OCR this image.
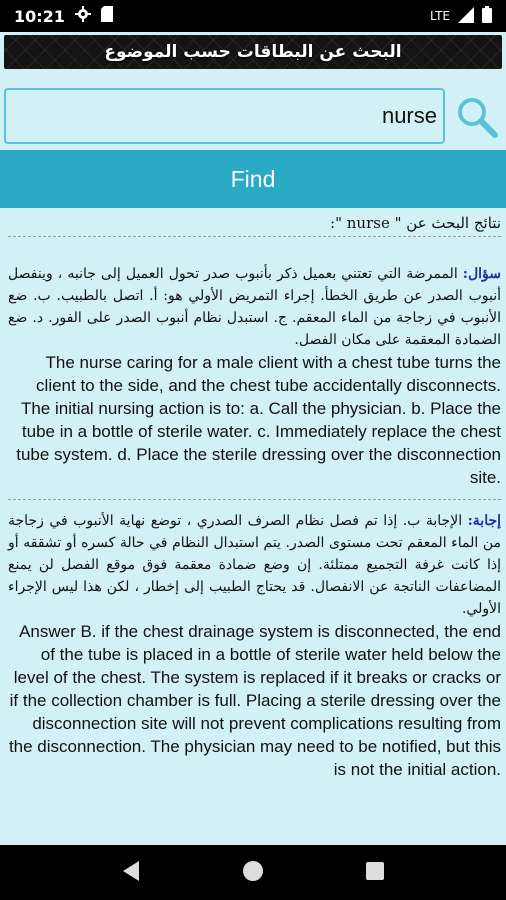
10:21	LTE
البحث عن البطاقات حسب الموضوع
nurse
Find
نتائج البحث عن " nurse ":
سؤال: الممرضة التي تعتني بعميل ذكر بأنبوب صدر تحول العميل إلى جانبه ، وينفصل أنبوب الصدر عن طريق الخطأ. إجراء التمريض الأولي هو: أ. اتصل بالطبيب. ب. ضع الأنبوب في زجاجة من الماء المعقم. ج. استبدل نظام أنبوب الصدر على الفور. د. ضع الضمادة المعقمة على مكان الفصل.
The nurse caring for a male client with a chest tube turns the client to the side, and the chest tube accidentally disconnects. The initial nursing action is to: a. Call the physician. b. Place the tube in a bottle of sterile water. c. Immediately replace the chest tube system. d. Place the sterile dressing over the disconnection site.
إجابة: الإجابة ب. إذا تم فصل نظام الصرف الصدري ، توضع نهاية الأنبوب في زجاجة من الماء المعقم تحت مستوى الصدر. يتم استبدال النظام في حالة كسره أو تشققه أو إذا كانت غرفة التجميع ممتلئة. إن وضع ضمادة معقمة فوق موقع الفصل لن يمنع المضاعفات الناتجة عن الانفصال. قد يحتاج الطبيب إلى إخطار ، لكن هذا ليس الإجراء الأولي.
Answer B. if the chest drainage system is disconnected, the end of the tube is placed in a bottle of sterile water held below the level of the chest. The system is replaced if it breaks or cracks or if the collection chamber is full. Placing a sterile dressing over the disconnection site will not prevent complications resulting from the disconnection. The physician may need to be notified, but this is not the initial action.
